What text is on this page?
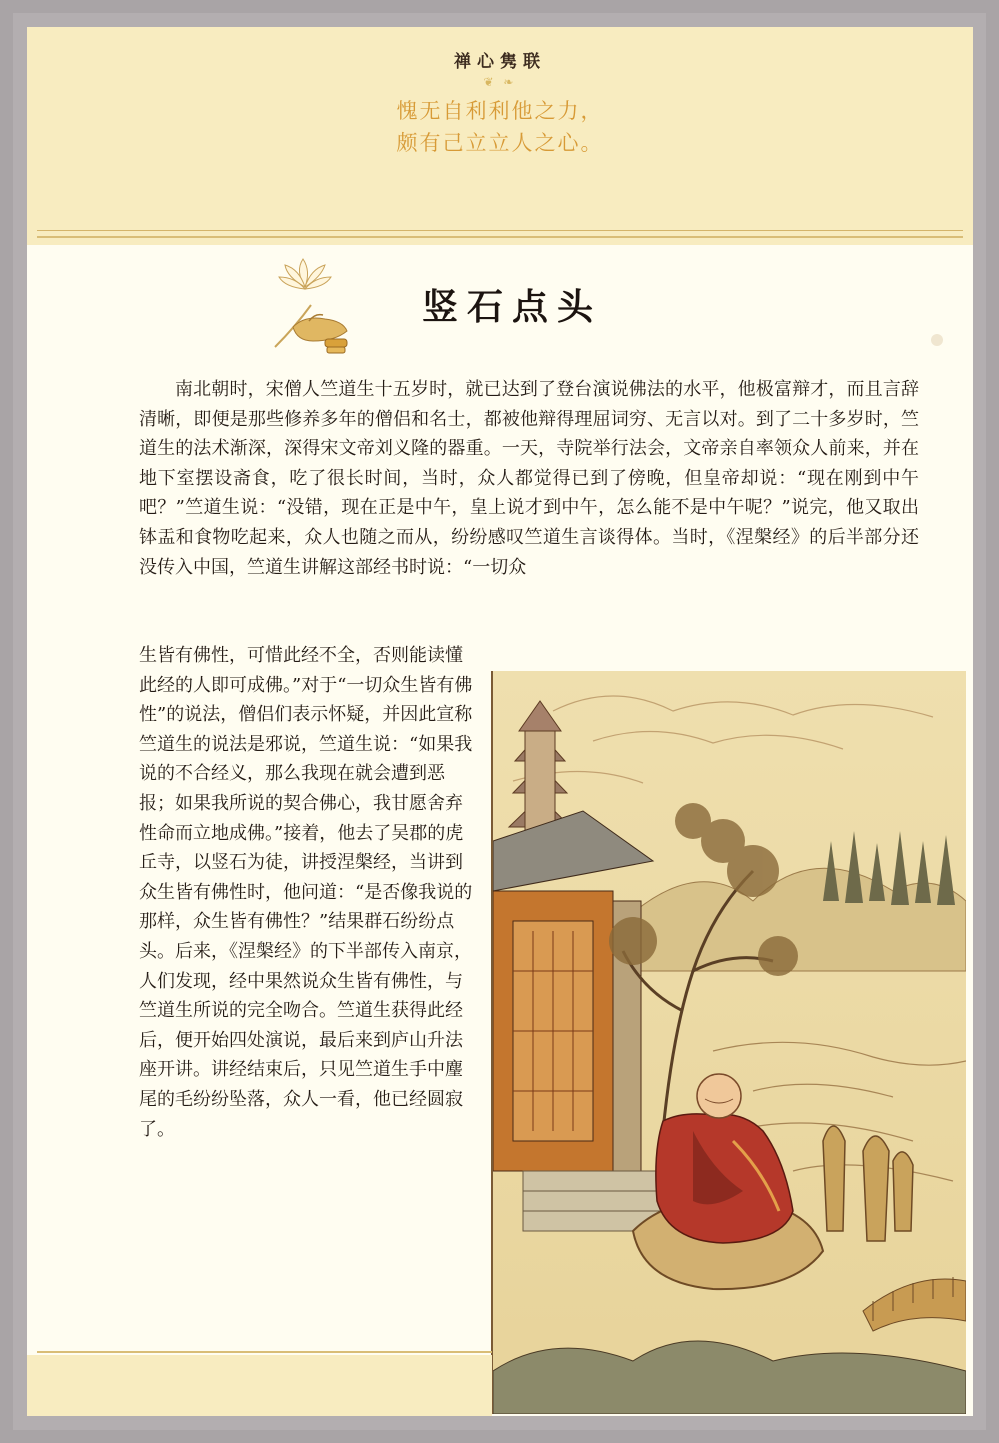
禅心隽联
❦ ❧
愧无自利利他之力，
颇有己立立人之心。
竖石点头

南北朝时，宋僧人竺道生十五岁时，就已达到了登台演说佛法的水平，他极富辩才，而且言辞清晰，即便是那些修养多年的僧侣和名士，都被他辩得理屈词穷、无言以对。到了二十多岁时，竺道生的法术渐深，深得宋文帝刘义隆的器重。一天，寺院举行法会，文帝亲自率领众人前来，并在地下室摆设斋食，吃了很长时间，当时，众人都觉得已到了傍晚，但皇帝却说：“现在刚到中午吧？”竺道生说：“没错，现在正是中午，皇上说才到中午，怎么能不是中午呢？”说完，他又取出钵盂和食物吃起来，众人也随之而从，纷纷感叹竺道生言谈得体。当时，《涅槃经》的后半部分还没传入中国，竺道生讲解这部经书时说：“一切众

生皆有佛性，可惜此经不全，否则能读懂此经的人即可成佛。”对于“一切众生皆有佛性”的说法，僧侣们表示怀疑，并因此宣称竺道生的说法是邪说，竺道生说：“如果我说的不合经义，那么我现在就会遭到恶报；如果我所说的契合佛心，我甘愿舍弃性命而立地成佛。”接着，他去了吴郡的虎丘寺，以竖石为徒，讲授涅槃经，当讲到众生皆有佛性时，他问道：“是否像我说的那样，众生皆有佛性？”结果群石纷纷点头。后来，《涅槃经》的下半部传入南京，人们发现，经中果然说众生皆有佛性，与竺道生所说的完全吻合。竺道生获得此经后，便开始四处演说，最后来到庐山升法座开讲。讲经结束后，只见竺道生手中麈尾的毛纷纷坠落，众人一看，他已经圆寂了。
